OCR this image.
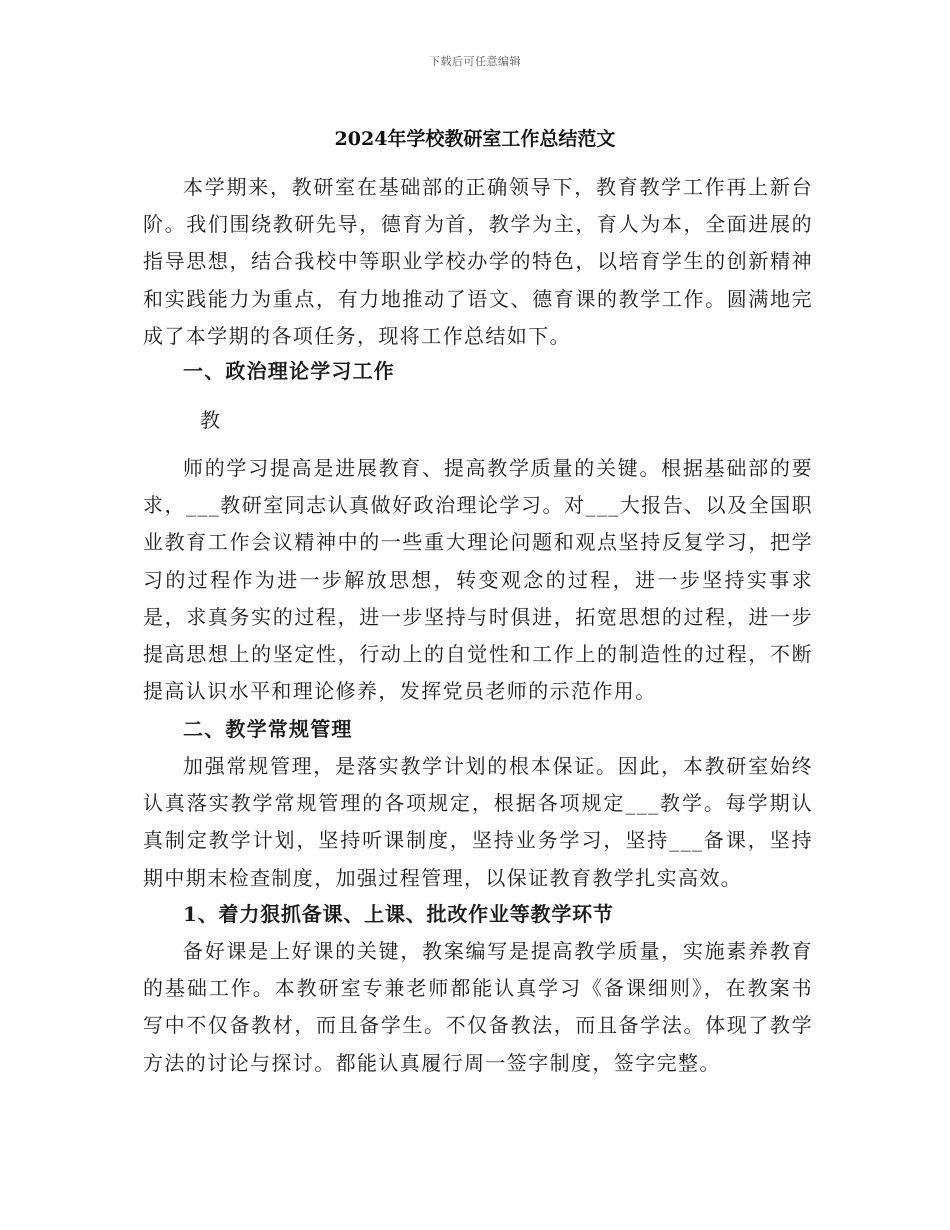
下载后可任意编辑
2024年学校教研室工作总结范文

本学期来，教研室在基础部的正确领导下，教育教学工作再上新台阶。我们围绕教研先导，德育为首，教学为主，育人为本，全面进展的指导思想，结合我校中等职业学校办学的特色，以培育学生的创新精神和实践能力为重点，有力地推动了语文、德育课的教学工作。圆满地完成了本学期的各项任务，现将工作总结如下。

一、政治理论学习工作

教

师的学习提高是进展教育、提高教学质量的关键。根据基础部的要求，___教研室同志认真做好政治理论学习。对___大报告、以及全国职业教育工作会议精神中的一些重大理论问题和观点坚持反复学习，把学习的过程作为进一步解放思想，转变观念的过程，进一步坚持实事求是，求真务实的过程，进一步坚持与时俱进，拓宽思想的过程，进一步提高思想上的坚定性，行动上的自觉性和工作上的制造性的过程，不断提高认识水平和理论修养，发挥党员老师的示范作用。

二、教学常规管理

加强常规管理，是落实教学计划的根本保证。因此，本教研室始终认真落实教学常规管理的各项规定，根据各项规定___教学。每学期认真制定教学计划，坚持听课制度，坚持业务学习，坚持___备课，坚持期中期末检查制度，加强过程管理，以保证教育教学扎实高效。

1、着力狠抓备课、上课、批改作业等教学环节

备好课是上好课的关键，教案编写是提高教学质量，实施素养教育的基础工作。本教研室专兼老师都能认真学习《备课细则》，在教案书写中不仅备教材，而且备学生。不仅备教法，而且备学法。体现了教学方法的讨论与探讨。都能认真履行周一签字制度，签字完整。
